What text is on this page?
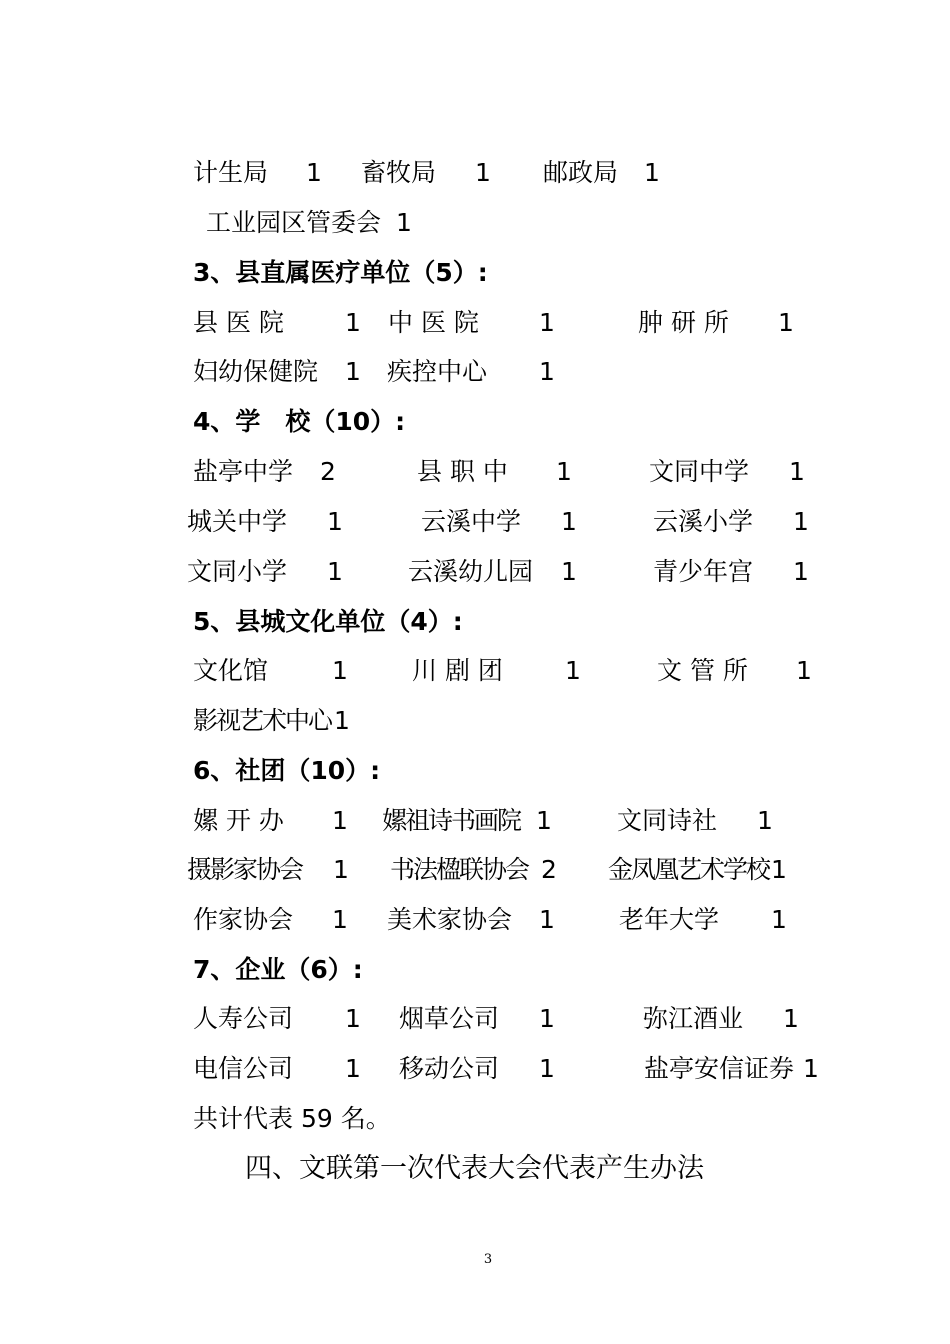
计生局 1 畜牧局 1 邮政局 1
工业园区管委会 1
3、县直属医疗单位（5）:
县 医 院 1 中 医 院 1	肿 研 所 1
妇幼保健院 1 疾控中心 1
4、学　校（10）:
盐亭中学 2	县 职 中 1	文同中学 1
城关中学 1	云溪中学 1	云溪小学 1
文同小学 1	云溪幼儿园 1	青少年宫 1
5、县城文化单位（4）:
文化馆	1	川 剧 团 1	文 管 所 1
影视艺术中心 1
6、社团（10）:
嫘 开 办 1 嫘祖诗书画院 1	文同诗社 1
摄影家协会 1 书法楹联协会 2 金凤凰艺术学校 1
作家协会 1 美术家协会 1	老年大学 1
7、企业（6）:
人寿公司 1 烟草公司 1	弥江酒业 1
电信公司 1 移动公司 1	盐亭安信证券 1
共计代表 59 名。
四、文联第一次代表大会代表产生办法
3
